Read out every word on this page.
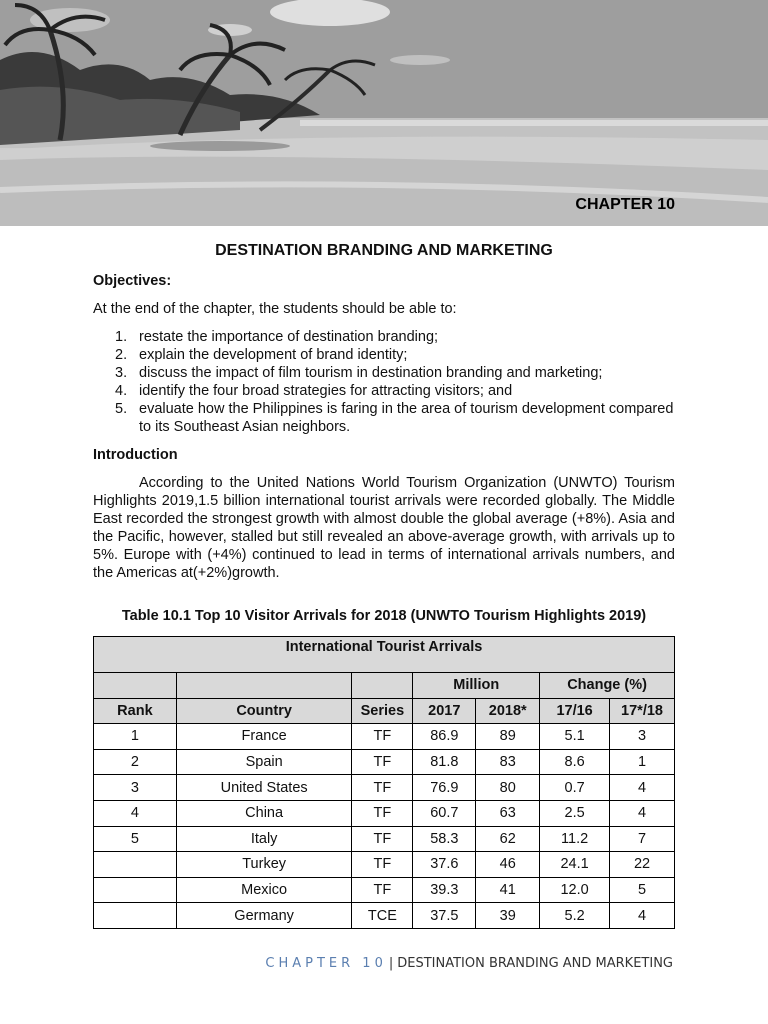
CHAPTER 10
DESTINATION BRANDING AND MARKETING
Objectives:
At the end of the chapter, the students should be able to:
1. restate the importance of destination branding;
2. explain the development of brand identity;
3. discuss the impact of film tourism in destination branding and marketing;
4. identify the four broad strategies for attracting visitors; and
5. evaluate how the Philippines is faring in the area of tourism development compared to its Southeast Asian neighbors.
Introduction
According to the United Nations World Tourism Organization (UNWTO) Tourism Highlights 2019,1.5 billion international tourist arrivals were recorded globally. The Middle East recorded the strongest growth with almost double the global average (+8%). Asia and the Pacific, however, stalled but still revealed an above-average growth, with arrivals up to 5%. Europe with (+4%) continued to lead in terms of international arrivals numbers, and the Americas at(+2%)growth.
Table 10.1 Top 10 Visitor Arrivals for 2018 (UNWTO Tourism Highlights 2019)
International Tourist Arrivals						
			Million		Change (%)	
Rank	Country	Series	2017	2018*	17/16	17*/18
1	France	TF	86.9	89	5.1	3
2	Spain	TF	81.8	83	8.6	1
3	United States	TF	76.9	80	0.7	4
4	China	TF	60.7	63	2.5	4
5	Italy	TF	58.3	62	11.2	7
	Turkey	TF	37.6	46	24.1	22
	Mexico	TF	39.3	41	12.0	5
	Germany	TCE	37.5	39	5.2	4
CHAPTER 10 | DESTINATION BRANDING AND MARKETING
